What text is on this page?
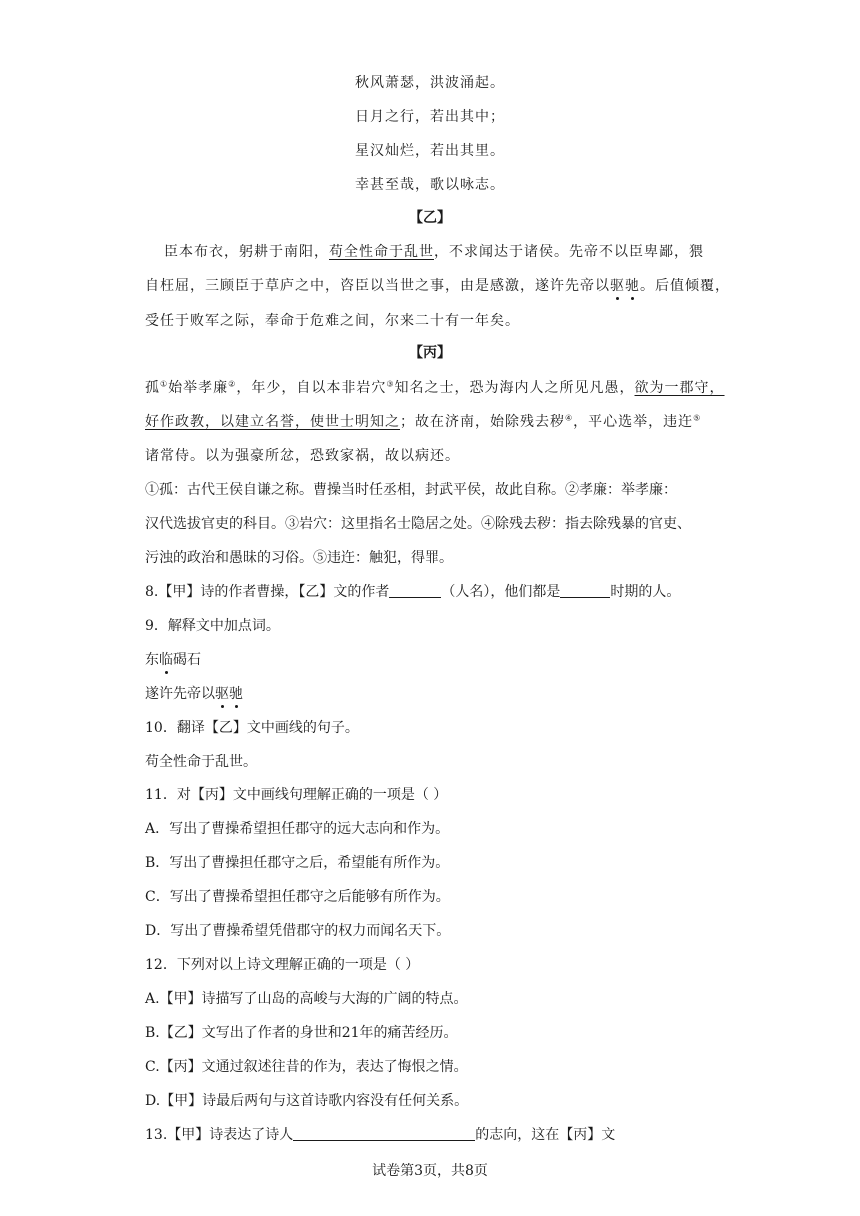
秋风萧瑟，洪波涌起。
日月之行，若出其中；
星汉灿烂，若出其里。
幸甚至哉，歌以咏志。
【乙】
臣本布衣，躬耕于南阳，苟全性命于乱世，不求闻达于诸侯。先帝不以臣卑鄙，猥
自枉屈，三顾臣于草庐之中，咨臣以当世之事，由是感激，遂许先帝以驱驰。后值倾覆，
受任于败军之际，奉命于危难之间，尔来二十有一年矣。
【丙】
孤①始举孝廉②，年少，自以本非岩穴③知名之士，恐为海内人之所见凡愚，欲为一郡守，
好作政教，以建立名誉，使世士明知之；故在济南，始除残去秽④，平心选举，违迕⑤
诸常侍。以为强豪所忿，恐致家祸，故以病还。
①孤：古代王侯自谦之称。曹操当时任丞相，封武平侯，故此自称。②孝廉：举孝廉：
汉代选拔官吏的科目。③岩穴：这里指名士隐居之处。④除残去秽：指去除残暴的官吏、
污浊的政治和愚昧的习俗。⑤违迕：触犯，得罪。
8.【甲】诗的作者曹操，【乙】文的作者	（人名），他们都是	时期的人。
9．解释文中加点词。
东临碣石
遂许先帝以驱驰
10．翻译【乙】文中画线的句子。
苟全性命于乱世。
11．对【丙】文中画线句理解正确的一项是（ ）
A．写出了曹操希望担任郡守的远大志向和作为。
B．写出了曹操担任郡守之后，希望能有所作为。
C．写出了曹操希望担任郡守之后能够有所作为。
D．写出了曹操希望凭借郡守的权力而闻名天下。
12．下列对以上诗文理解正确的一项是（ ）
A.【甲】诗描写了山岛的高峻与大海的广阔的特点。
B.【乙】文写出了作者的身世和21年的痛苦经历。
C.【丙】文通过叙述往昔的作为，表达了悔恨之情。
D.【甲】诗最后两句与这首诗歌内容没有任何关系。
13.【甲】诗表达了诗人	的志向，这在【丙】文
试卷第3页，共8页
